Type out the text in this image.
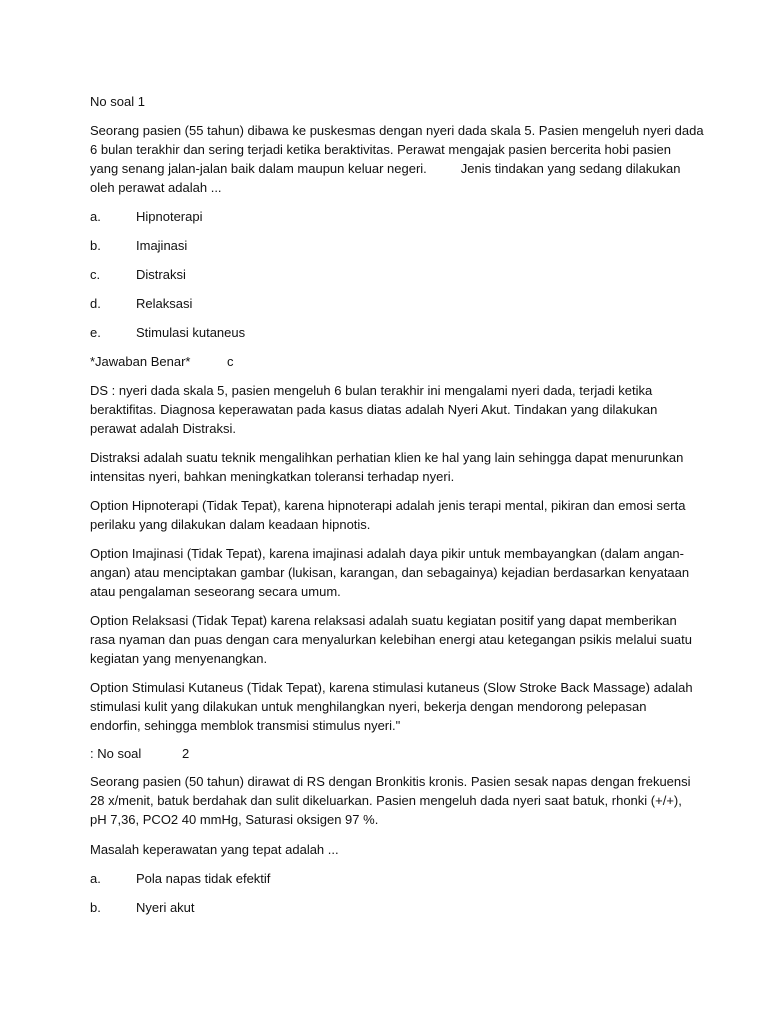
No soal 1

Seorang pasien (55 tahun) dibawa ke puskesmas dengan nyeri dada skala 5. Pasien mengeluh nyeri dada
6 bulan terakhir dan sering terjadi ketika beraktivitas. Perawat mengajak pasien bercerita hobi pasien
yang senang jalan-jalan baik dalam maupun keluar negeri.	Jenis tindakan yang sedang dilakukan
oleh perawat adalah ...

a.	Hipnoterapi
b.	Imajinasi
c.	Distraksi
d.	Relaksasi
e.	Stimulasi kutaneus
*Jawaban Benar*	c

DS : nyeri dada skala 5, pasien mengeluh 6 bulan terakhir ini mengalami nyeri dada, terjadi ketika
beraktifitas. Diagnosa keperawatan pada kasus diatas adalah Nyeri Akut. Tindakan yang dilakukan
perawat adalah Distraksi.

Distraksi adalah suatu teknik mengalihkan perhatian klien ke hal yang lain sehingga dapat menurunkan
intensitas nyeri, bahkan meningkatkan toleransi terhadap nyeri.

Option Hipnoterapi (Tidak Tepat), karena hipnoterapi adalah jenis terapi mental, pikiran dan emosi serta
perilaku yang dilakukan dalam keadaan hipnotis.

Option Imajinasi (Tidak Tepat), karena imajinasi adalah daya pikir untuk membayangkan (dalam angan-
angan) atau menciptakan gambar (lukisan, karangan, dan sebagainya) kejadian berdasarkan kenyataan
atau pengalaman seseorang secara umum.

Option Relaksasi (Tidak Tepat) karena relaksasi adalah suatu kegiatan positif yang dapat memberikan
rasa nyaman dan puas dengan cara menyalurkan kelebihan energi atau ketegangan psikis melalui suatu
kegiatan yang menyenangkan.

Option Stimulasi Kutaneus (Tidak Tepat), karena stimulasi kutaneus (Slow Stroke Back Massage) adalah
stimulasi kulit yang dilakukan untuk menghilangkan nyeri, bekerja dengan mendorong pelepasan
endorfin, sehingga memblok transmisi stimulus nyeri."

: No soal	2

Seorang pasien (50 tahun) dirawat di RS dengan Bronkitis kronis. Pasien sesak napas dengan frekuensi
28 x/menit, batuk berdahak dan sulit dikeluarkan. Pasien mengeluh dada nyeri saat batuk, rhonki (+/+),
pH 7,36, PCO2 40 mmHg, Saturasi oksigen 97 %.

Masalah keperawatan yang tepat adalah ...

a.	Pola napas tidak efektif
b.	Nyeri akut
